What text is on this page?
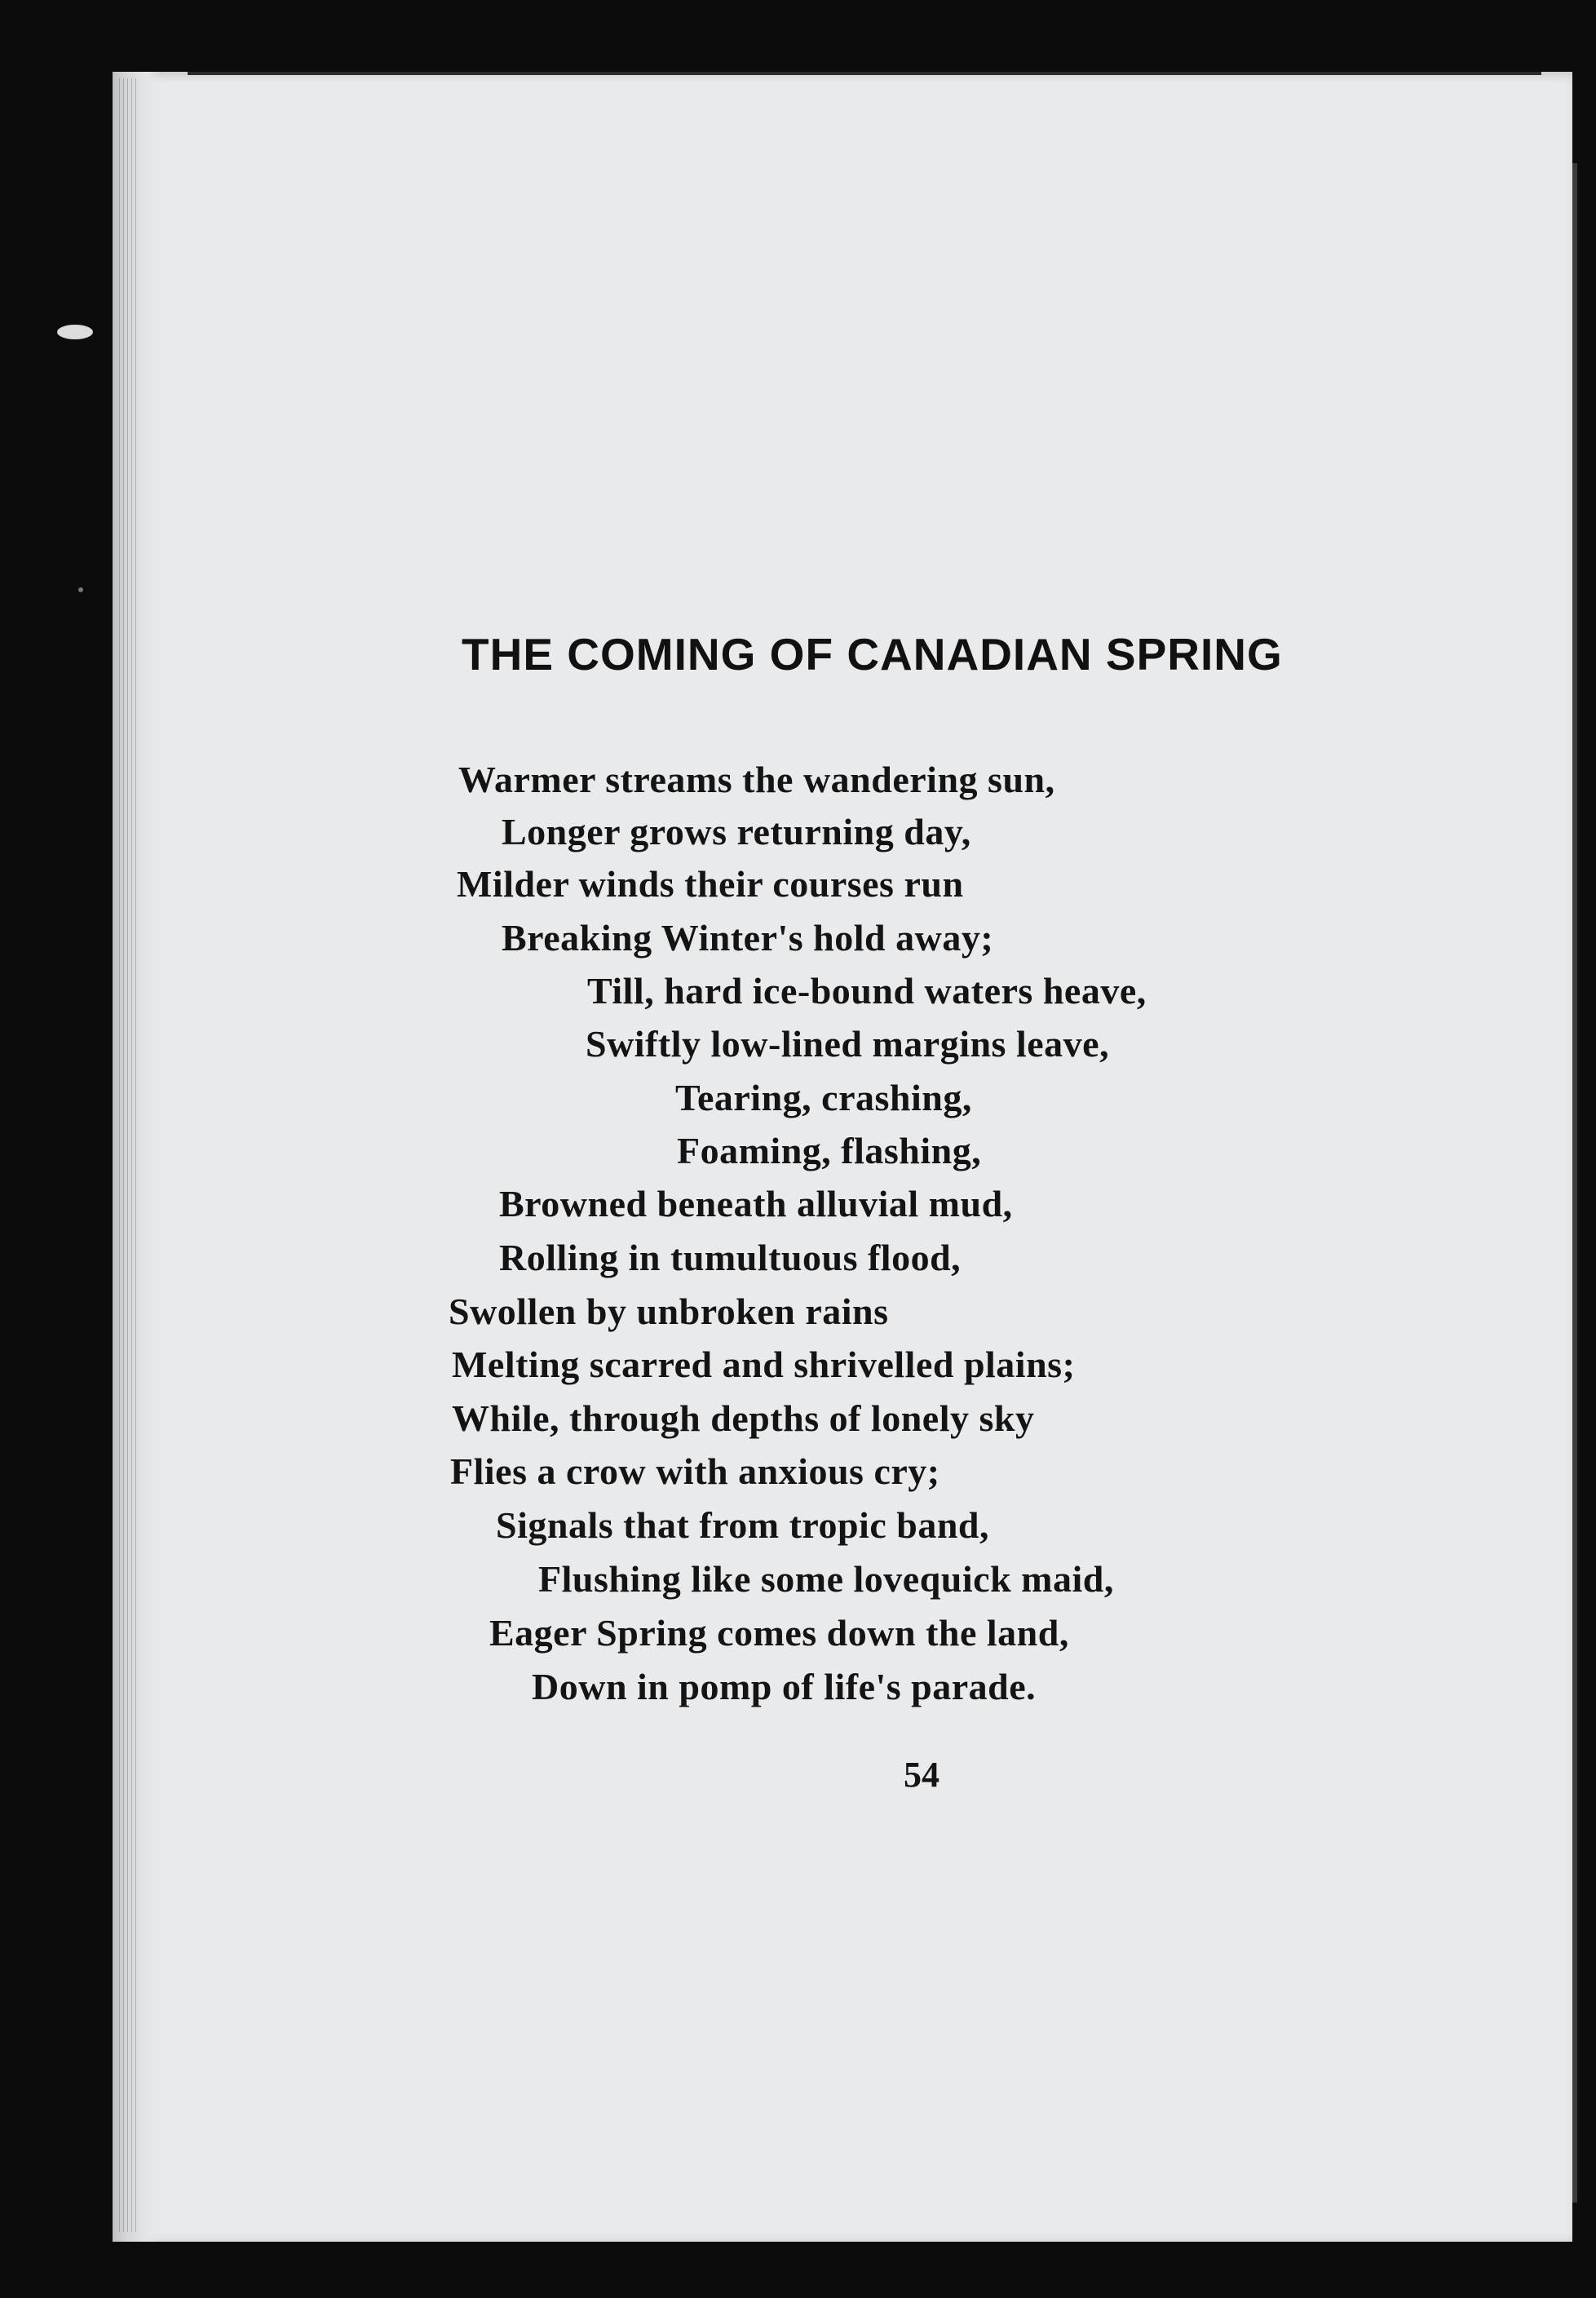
THE COMING OF CANADIAN SPRING

Warmer streams the wandering sun,

Longer grows returning day,

Milder winds their courses run

Breaking Winter's hold away;

Till, hard ice-bound waters heave,

Swiftly low-lined margins leave,

Tearing, crashing,

Foaming, flashing,

Browned beneath alluvial mud,

Rolling in tumultuous flood,

Swollen by unbroken rains

Melting scarred and shrivelled plains;

While, through depths of lonely sky

Flies a crow with anxious cry;

Signals that from tropic band,

Flushing like some lovequick maid,

Eager Spring comes down the land,

Down in pomp of life's parade.

54
